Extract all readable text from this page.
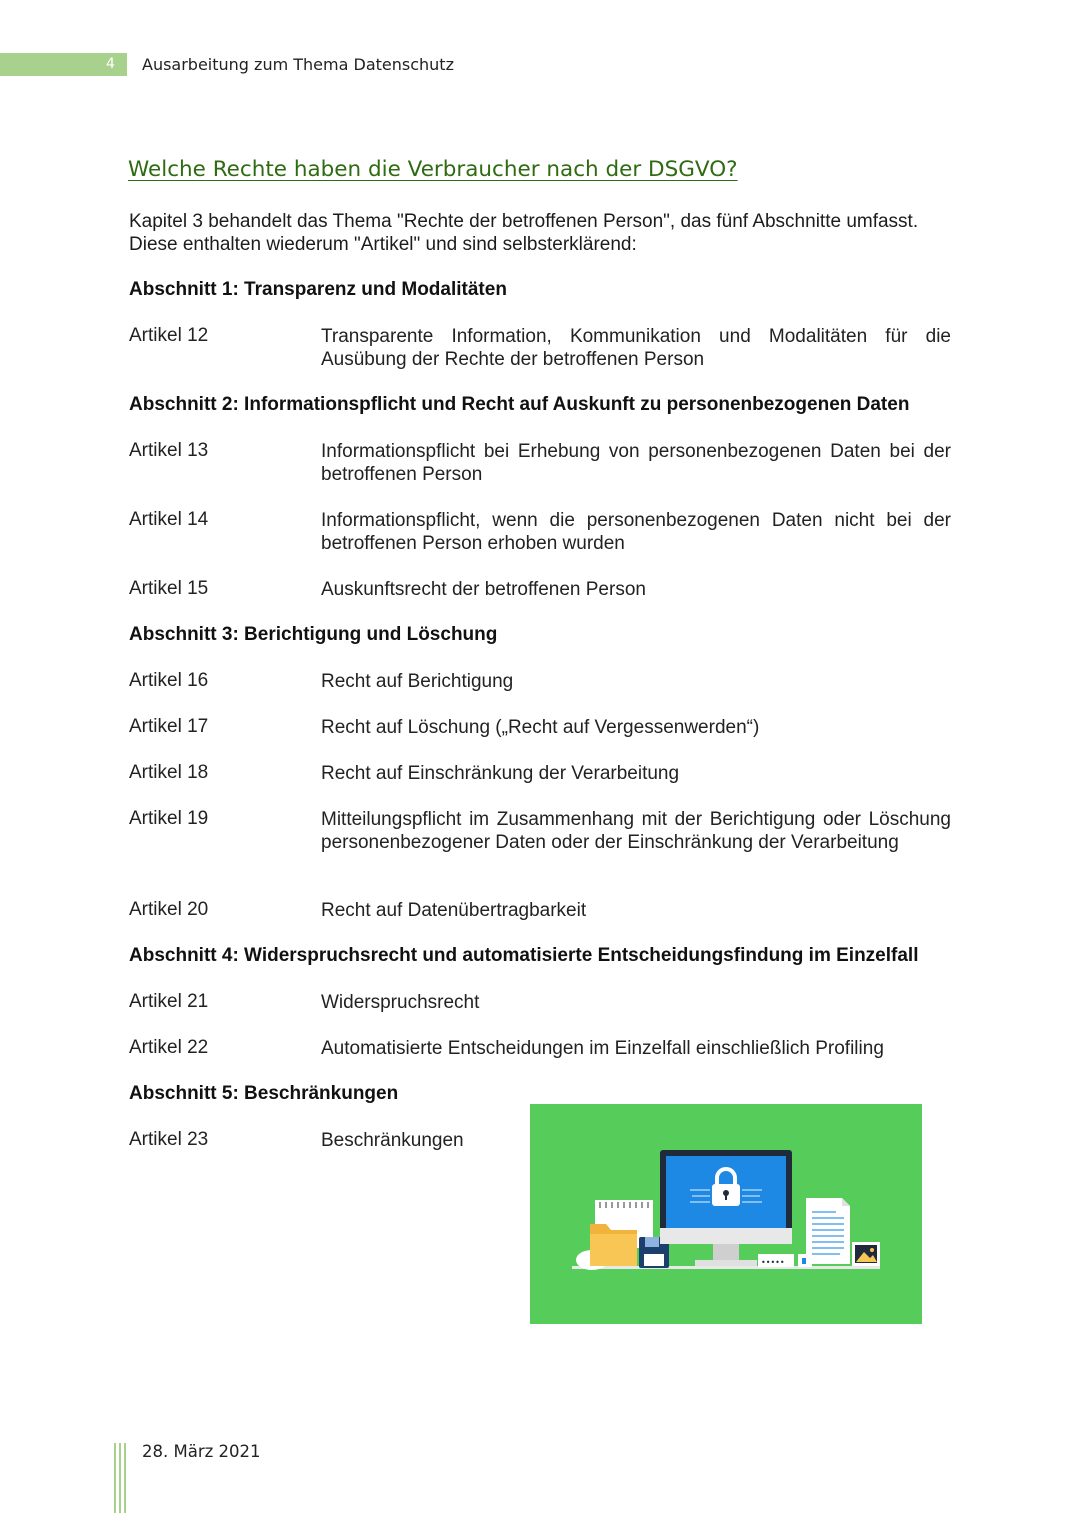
4 Ausarbeitung zum Thema Datenschutz
Welche Rechte haben die Verbraucher nach der DSGVO?

Kapitel 3 behandelt das Thema "Rechte der betroffenen Person", das fünf Abschnitte umfasst. Diese enthalten wiederum "Artikel" und sind selbsterklärend:

Abschnitt 1: Transparenz und Modalitäten
Artikel 12	Transparente Information, Kommunikation und Modalitäten für die Ausübung der Rechte der betroffenen Person
Abschnitt 2: Informationspflicht und Recht auf Auskunft zu personenbezogenen Daten
Artikel 13	Informationspflicht bei Erhebung von personenbezogenen Daten bei der betroffenen Person
Artikel 14	Informationspflicht, wenn die personenbezogenen Daten nicht bei der betroffenen Person erhoben wurden
Artikel 15	Auskunftsrecht der betroffenen Person
Abschnitt 3: Berichtigung und Löschung
Artikel 16	Recht auf Berichtigung
Artikel 17	Recht auf Löschung („Recht auf Vergessenwerden“)
Artikel 18	Recht auf Einschränkung der Verarbeitung
Artikel 19	Mitteilungspflicht im Zusammenhang mit der Berichtigung oder Löschung personenbezogener Daten oder der Einschränkung der Verarbeitung
Artikel 20	Recht auf Datenübertragbarkeit
Abschnitt 4: Widerspruchsrecht und automatisierte Entscheidungsfindung im Einzelfall
Artikel 21	Widerspruchsrecht
Artikel 22	Automatisierte Entscheidungen im Einzelfall einschließlich Profiling
Abschnitt 5: Beschränkungen
Artikel 23	Beschränkungen
•••••
28. März 2021
